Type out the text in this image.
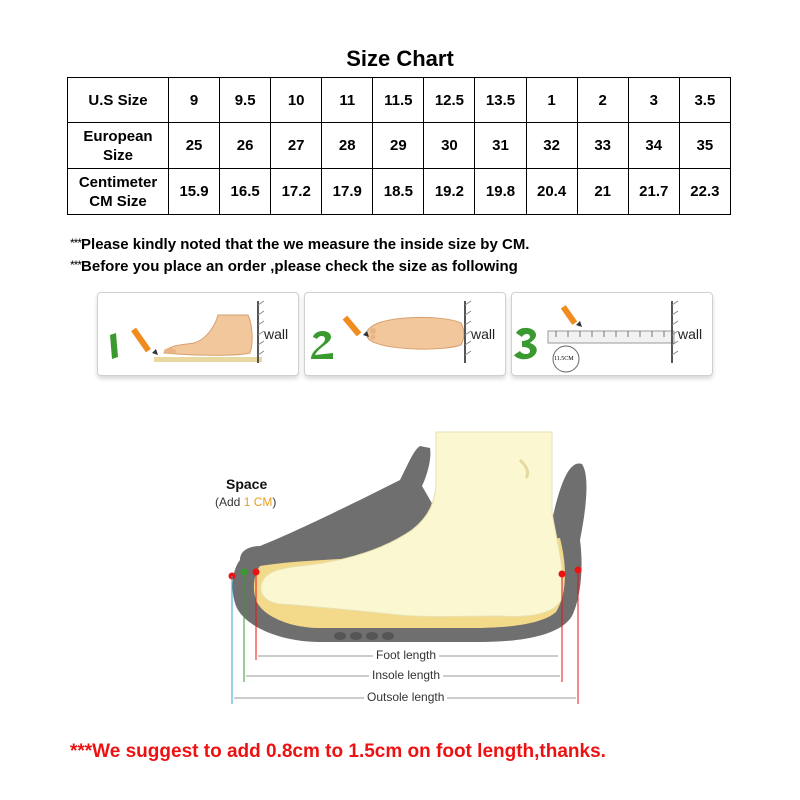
Size Chart
U.S Size	9	9.5	10	11	11.5	12.5	13.5	1	2	3	3.5
European Size	25	26	27	28	29	30	31	32	33	34	35
Centimeter CM Size	15.9	16.5	17.2	17.9	18.5	19.2	19.8	20.4	21	21.7	22.3
***Please kindly noted that the we measure the inside size by CM.
***Before you place an order ,please check the size as following
wall	wall
11.5CM
wall
Space
(Add 1 CM)
Foot length
Insole length
Outsole length
***We suggest to add 0.8cm to 1.5cm on foot length,thanks.
